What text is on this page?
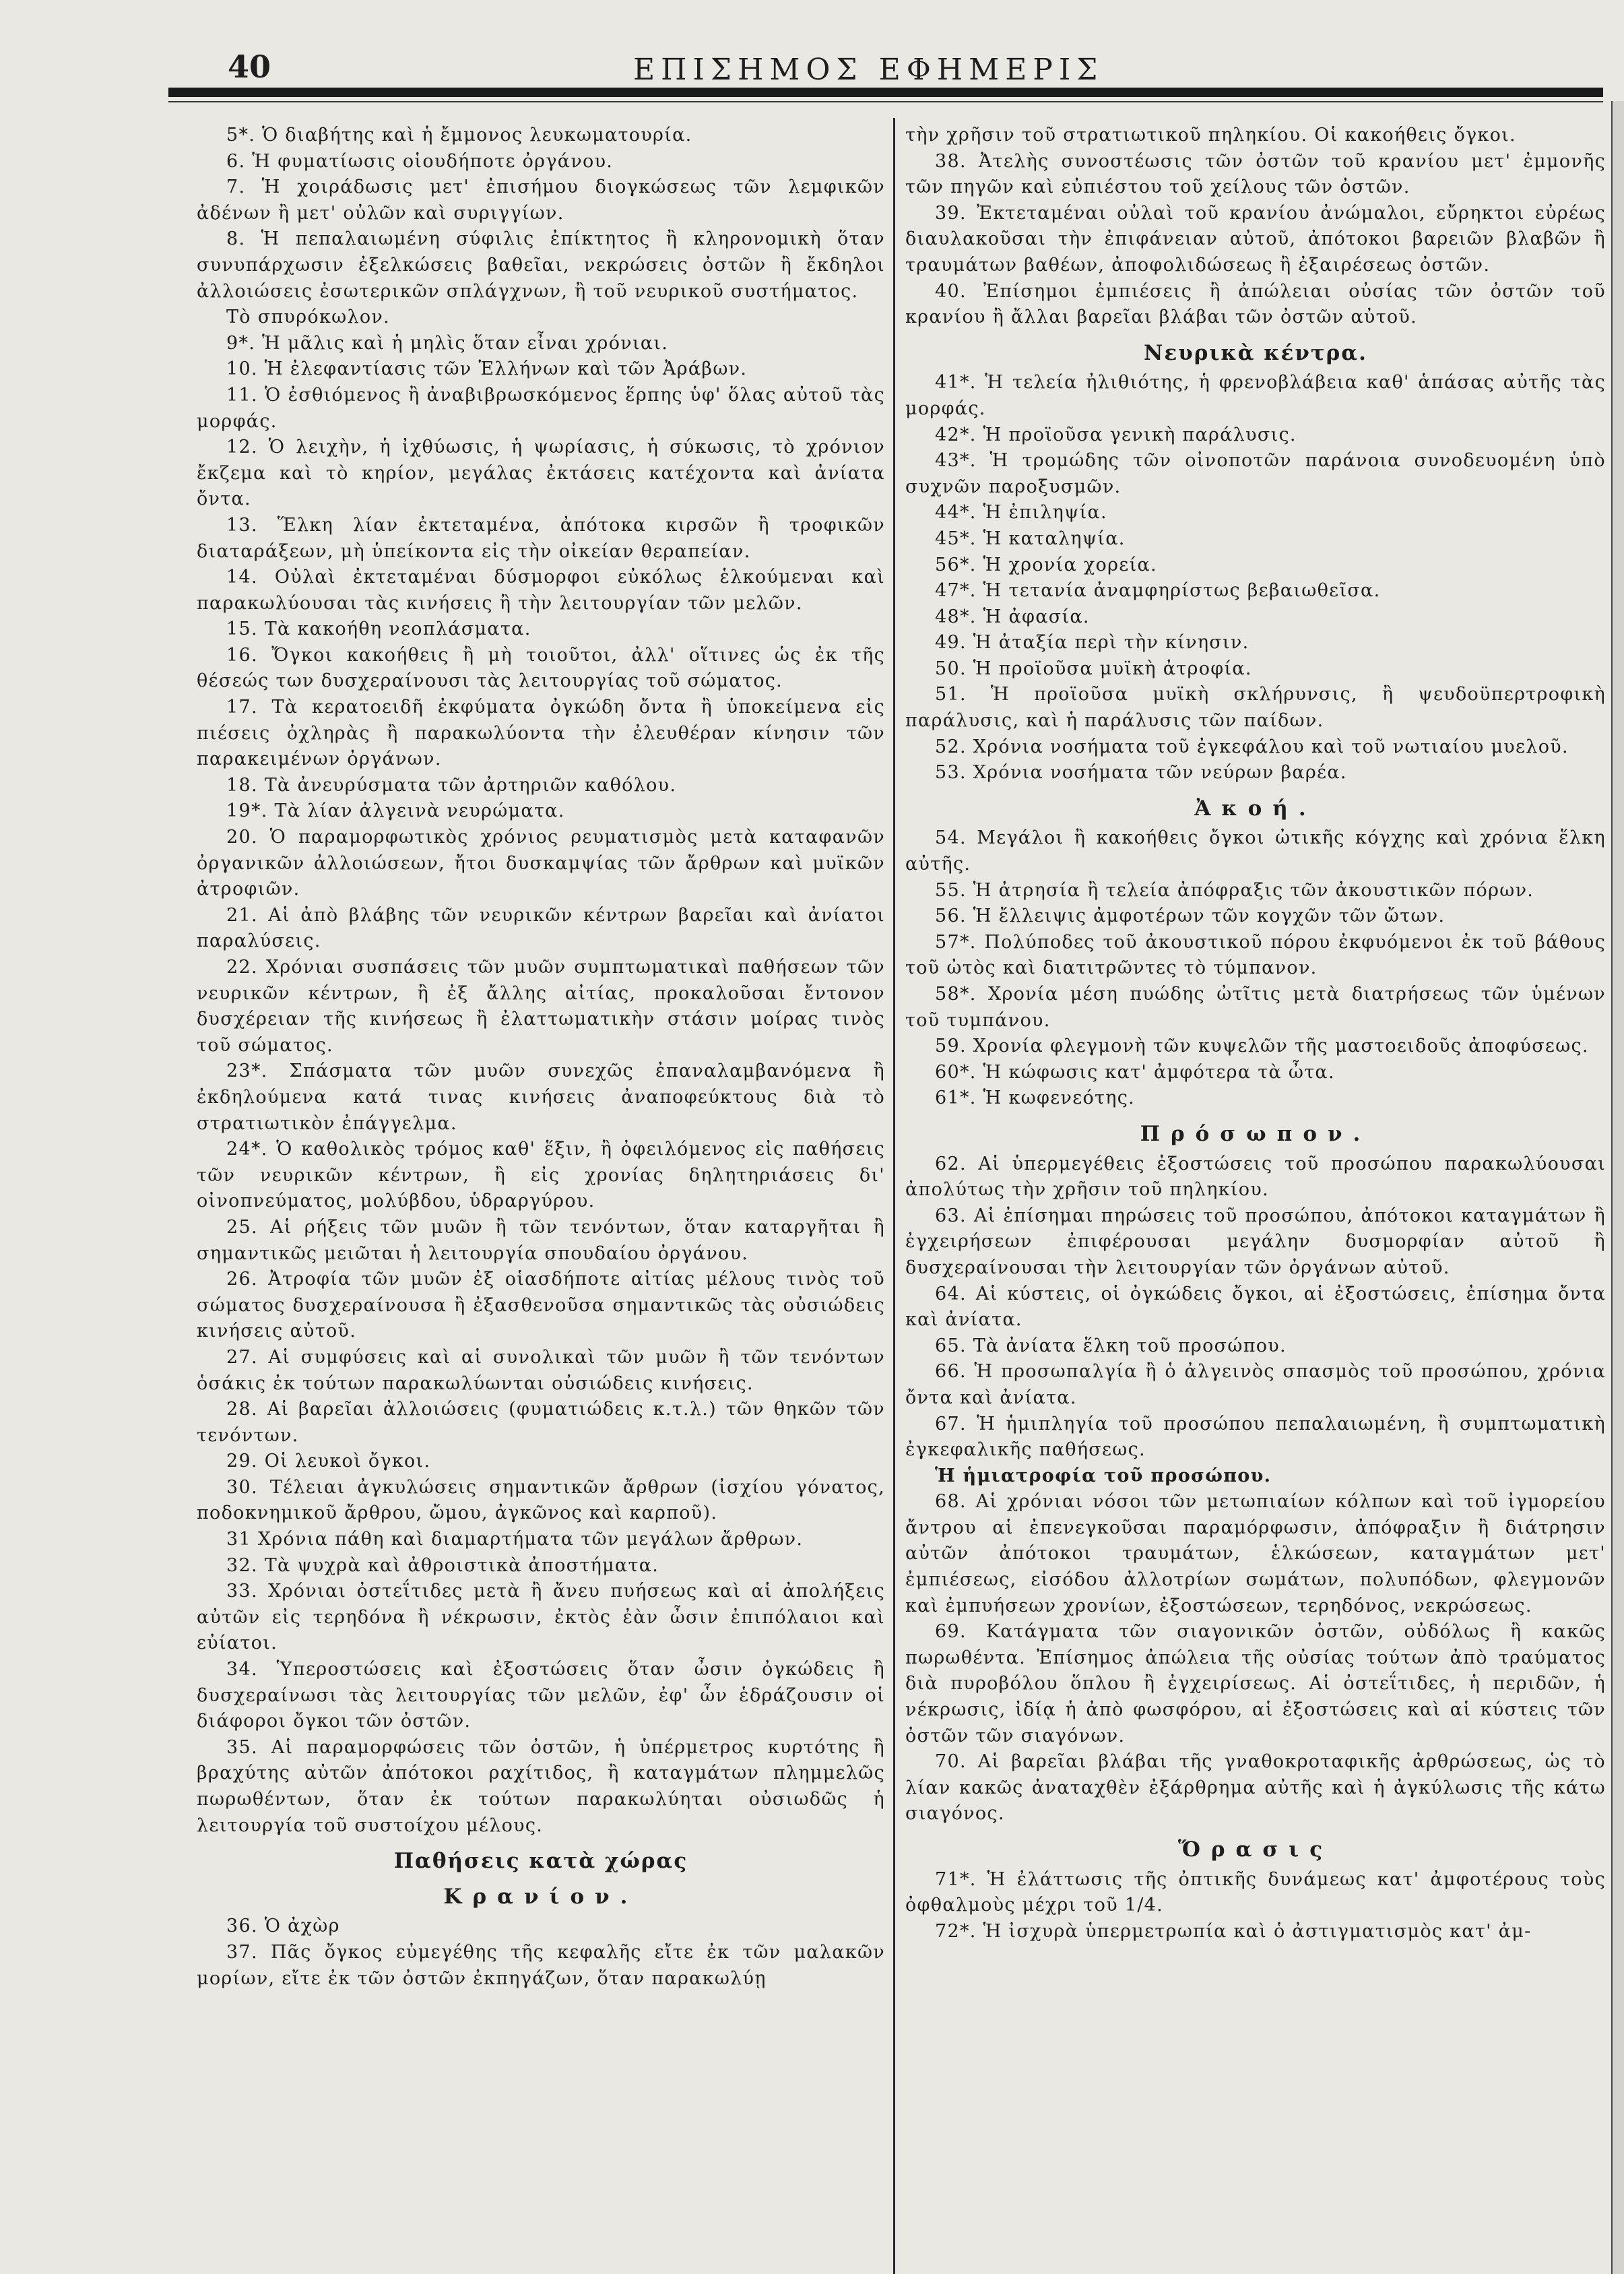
40	ΕΠΙΣΗΜΟΣ ΕΦΗΜΕΡΙΣ

5*. Ὁ διαβήτης καὶ ἡ ἔμμονος λευκωματουρία.

6. Ἡ φυματίωσις οἱουδήποτε ὀργάνου.

7. Ἡ χοιράδωσις μετ' ἐπισήμου διογκώσεως τῶν λεμφικῶν ἀδένων ἢ μετ' οὐλῶν καὶ συριγγίων.

8. Ἡ πεπαλαιωμένη σύφιλις ἐπίκτητος ἢ κληρονομικὴ ὅταν συνυπάρχωσιν ἐξελκώσεις βαθεῖαι, νεκρώσεις ὀστῶν ἢ ἔκδηλοι ἀλλοιώσεις ἐσωτερικῶν σπλάγχνων, ἢ τοῦ νευρικοῦ συστήματος.

Τὸ σπυρόκωλον.

9*. Ἡ μᾶλις καὶ ἡ μηλὶς ὅταν εἶναι χρόνιαι.

10. Ἡ ἐλεφαντίασις τῶν Ἑλλήνων καὶ τῶν Ἀράβων.

11. Ὁ ἐσθιόμενος ἢ ἀναβιβρωσκόμενος ἕρπης ὑφ' ὅλας αὐτοῦ τὰς μορφάς.

12. Ὁ λειχὴν, ἡ ἰχθύωσις, ἡ ψωρίασις, ἡ σύκωσις, τὸ χρόνιον ἔκζεμα καὶ τὸ κηρίον, μεγάλας ἐκτάσεις κατέχοντα καὶ ἀνίατα ὄντα.

13. Ἕλκη λίαν ἐκτεταμένα, ἀπότοκα κιρσῶν ἢ τροφικῶν διαταράξεων, μὴ ὑπείκοντα εἰς τὴν οἰκείαν θεραπείαν.

14. Οὐλαὶ ἐκτεταμέναι δύσμορφοι εὐκόλως ἑλκούμεναι καὶ παρακωλύουσαι τὰς κινήσεις ἢ τὴν λειτουργίαν τῶν μελῶν.

15. Τὰ κακοήθη νεοπλάσματα.

16. Ὄγκοι κακοήθεις ἢ μὴ τοιοῦτοι, ἀλλ' οἵτινες ὡς ἐκ τῆς θέσεώς των δυσχεραίνουσι τὰς λειτουργίας τοῦ σώματος.

17. Τὰ κερατοειδῆ ἐκφύματα ὀγκώδη ὄντα ἢ ὑποκείμενα εἰς πιέσεις ὀχληρὰς ἢ παρακωλύοντα τὴν ἐλευθέραν κίνησιν τῶν παρακειμένων ὀργάνων.

18. Τὰ ἀνευρύσματα τῶν ἀρτηριῶν καθόλου.

19*. Τὰ λίαν ἀλγεινὰ νευρώματα.

20. Ὁ παραμορφωτικὸς χρόνιος ρευματισμὸς μετὰ καταφανῶν ὀργανικῶν ἀλλοιώσεων, ἤτοι δυσκαμψίας τῶν ἄρθρων καὶ μυϊκῶν ἀτροφιῶν.

21. Αἱ ἀπὸ βλάβης τῶν νευρικῶν κέντρων βαρεῖαι καὶ ἀνίατοι παραλύσεις.

22. Χρόνιαι συσπάσεις τῶν μυῶν συμπτωματικαὶ παθήσεων τῶν νευρικῶν κέντρων, ἢ ἐξ ἄλλης αἰτίας, προκαλοῦσαι ἔντονον δυσχέρειαν τῆς κινήσεως ἢ ἐλαττωματικὴν στάσιν μοίρας τινὸς τοῦ σώματος.

23*. Σπάσματα τῶν μυῶν συνεχῶς ἐπαναλαμβανόμενα ἢ ἐκδηλούμενα κατά τινας κινήσεις ἀναποφεύκτους διὰ τὸ στρατιωτικὸν ἐπάγγελμα.

24*. Ὁ καθολικὸς τρόμος καθ' ἕξιν, ἢ ὀφειλόμενος εἰς παθήσεις τῶν νευρικῶν κέντρων, ἢ εἰς χρονίας δηλητηριάσεις δι' οἰνοπνεύματος, μολύβδου, ὑδραργύρου.

25. Αἱ ρήξεις τῶν μυῶν ἢ τῶν τενόντων, ὅταν καταργῆται ἢ σημαντικῶς μειῶται ἡ λειτουργία σπουδαίου ὀργάνου.

26. Ἀτροφία τῶν μυῶν ἐξ οἱασδήποτε αἰτίας μέλους τινὸς τοῦ σώματος δυσχεραίνουσα ἢ ἐξασθενοῦσα σημαντικῶς τὰς οὐσιώδεις κινήσεις αὐτοῦ.

27. Αἱ συμφύσεις καὶ αἱ συνολικαὶ τῶν μυῶν ἢ τῶν τενόντων ὁσάκις ἐκ τούτων παρακωλύωνται οὐσιώδεις κινήσεις.

28. Αἱ βαρεῖαι ἀλλοιώσεις (φυματιώδεις κ.τ.λ.) τῶν θηκῶν τῶν τενόντων.

29. Οἱ λευκοὶ ὄγκοι.

30. Τέλειαι ἀγκυλώσεις σημαντικῶν ἄρθρων (ἰσχίου γόνατος, ποδοκνημικοῦ ἄρθρου, ὤμου, ἀγκῶνος καὶ καρποῦ).

31 Χρόνια πάθη καὶ διαμαρτήματα τῶν μεγάλων ἄρθρων.

32. Τὰ ψυχρὰ καὶ ἀθροιστικὰ ἀποστήματα.

33. Χρόνιαι ὀστεΐτιδες μετὰ ἢ ἄνευ πυήσεως καὶ αἱ ἀπολήξεις αὐτῶν εἰς τερηδόνα ἢ νέκρωσιν, ἐκτὸς ἐὰν ὦσιν ἐπιπόλαιοι καὶ εὐίατοι.

34. Ὑπεροστώσεις καὶ ἐξοστώσεις ὅταν ὦσιν ὀγκώδεις ἢ δυσχεραίνωσι τὰς λειτουργίας τῶν μελῶν, ἐφ' ὧν ἑδράζουσιν οἱ διάφοροι ὄγκοι τῶν ὀστῶν.

35. Αἱ παραμορφώσεις τῶν ὀστῶν, ἡ ὑπέρμετρος κυρτότης ἢ βραχύτης αὐτῶν ἀπότοκοι ραχίτιδος, ἢ καταγμάτων πλημμελῶς πωρωθέντων, ὅταν ἐκ τούτων παρακωλύηται οὐσιωδῶς ἡ λειτουργία τοῦ συστοίχου μέλους.

Παθήσεις κατὰ χώρας
Κρανίον.

36. Ὁ ἀχὼρ

37. Πᾶς ὄγκος εὐμεγέθης τῆς κεφαλῆς εἴτε ἐκ τῶν μαλακῶν μορίων, εἴτε ἐκ τῶν ὀστῶν ἐκπηγάζων, ὅταν παρακωλύῃ

τὴν χρῆσιν τοῦ στρατιωτικοῦ πηληκίου. Οἱ κακοήθεις ὄγκοι.

38. Ἀτελὴς συνοστέωσις τῶν ὀστῶν τοῦ κρανίου μετ' ἐμμονῆς τῶν πηγῶν καὶ εὐπιέστου τοῦ χείλους τῶν ὀστῶν.

39. Ἐκτεταμέναι οὐλαὶ τοῦ κρανίου ἀνώμαλοι, εὔρηκτοι εὐρέως διαυλακοῦσαι τὴν ἐπιφάνειαν αὐτοῦ, ἀπότοκοι βαρειῶν βλαβῶν ἢ τραυμάτων βαθέων, ἀποφολιδώσεως ἢ ἐξαιρέσεως ὀστῶν.

40. Ἐπίσημοι ἐμπιέσεις ἢ ἀπώλειαι οὐσίας τῶν ὀστῶν τοῦ κρανίου ἢ ἄλλαι βαρεῖαι βλάβαι τῶν ὀστῶν αὐτοῦ.

Νευρικὰ κέντρα.

41*. Ἡ τελεία ἠλιθιότης, ἡ φρενοβλάβεια καθ' ἁπάσας αὐτῆς τὰς μορφάς.

42*. Ἡ προϊοῦσα γενικὴ παράλυσις.

43*. Ἡ τρομώδης τῶν οἰνοποτῶν παράνοια συνοδευομένη ὑπὸ συχνῶν παροξυσμῶν.

44*. Ἡ ἐπιληψία.

45*. Ἡ καταληψία.

56*. Ἡ χρονία χορεία.

47*. Ἡ τετανία ἀναμφηρίστως βεβαιωθεῖσα.

48*. Ἡ ἀφασία.

49. Ἡ ἀταξία περὶ τὴν κίνησιν.

50. Ἡ προϊοῦσα μυϊκὴ ἀτροφία.

51. Ἡ προϊοῦσα μυϊκὴ σκλήρυνσις, ἢ ψευδοϋπερτροφικὴ παράλυσις, καὶ ἡ παράλυσις τῶν παίδων.

52. Χρόνια νοσήματα τοῦ ἐγκεφάλου καὶ τοῦ νωτιαίου μυελοῦ.

53. Χρόνια νοσήματα τῶν νεύρων βαρέα.

Ἀκοή.

54. Μεγάλοι ἢ κακοήθεις ὄγκοι ὠτικῆς κόγχης καὶ χρόνια ἕλκη αὐτῆς.

55. Ἡ ἀτρησία ἢ τελεία ἀπόφραξις τῶν ἀκουστικῶν πόρων.

56. Ἡ ἔλλειψις ἀμφοτέρων τῶν κογχῶν τῶν ὤτων.

57*. Πολύποδες τοῦ ἀκουστικοῦ πόρου ἐκφυόμενοι ἐκ τοῦ βάθους τοῦ ὠτὸς καὶ διατιτρῶντες τὸ τύμπανον.

58*. Χρονία μέση πυώδης ὠτῖτις μετὰ διατρήσεως τῶν ὑμένων τοῦ τυμπάνου.

59. Χρονία φλεγμονὴ τῶν κυψελῶν τῆς μαστοειδοῦς ἀποφύσεως.

60*. Ἡ κώφωσις κατ' ἀμφότερα τὰ ὦτα.

61*. Ἡ κωφενεότης.

Πρόσωπον.

62. Αἱ ὑπερμεγέθεις ἐξοστώσεις τοῦ προσώπου παρακωλύουσαι ἀπολύτως τὴν χρῆσιν τοῦ πηληκίου.

63. Αἱ ἐπίσημαι πηρώσεις τοῦ προσώπου, ἀπότοκοι καταγμάτων ἢ ἐγχειρήσεων ἐπιφέρουσαι μεγάλην δυσμορφίαν αὐτοῦ ἢ δυσχεραίνουσαι τὴν λειτουργίαν τῶν ὀργάνων αὐτοῦ.

64. Αἱ κύστεις, οἱ ὀγκώδεις ὄγκοι, αἱ ἐξοστώσεις, ἐπίσημα ὄντα καὶ ἀνίατα.

65. Τὰ ἀνίατα ἕλκη τοῦ προσώπου.

66. Ἡ προσωπαλγία ἢ ὁ ἀλγεινὸς σπασμὸς τοῦ προσώπου, χρόνια ὄντα καὶ ἀνίατα.

67. Ἡ ἡμιπληγία τοῦ προσώπου πεπαλαιωμένη, ἢ συμπτωματικὴ ἐγκεφαλικῆς παθήσεως.

Ἡ ἡμιατροφία τοῦ προσώπου.

68. Αἱ χρόνιαι νόσοι τῶν μετωπιαίων κόλπων καὶ τοῦ ἰγμορείου ἄντρου αἱ ἐπενεγκοῦσαι παραμόρφωσιν, ἀπόφραξιν ἢ διάτρησιν αὐτῶν ἀπότοκοι τραυμάτων, ἑλκώσεων, καταγμάτων μετ' ἐμπιέσεως, εἰσόδου ἀλλοτρίων σωμάτων, πολυπόδων, φλεγμονῶν καὶ ἐμπυήσεων χρονίων, ἐξοστώσεων, τερηδόνος, νεκρώσεως.

69. Κατάγματα τῶν σιαγονικῶν ὀστῶν, οὐδόλως ἢ κακῶς πωρωθέντα. Ἐπίσημος ἀπώλεια τῆς οὐσίας τούτων ἀπὸ τραύματος διὰ πυροβόλου ὅπλου ἢ ἐγχειρίσεως. Αἱ ὀστεΐτιδες, ἡ περιδῶν, ἡ νέκρωσις, ἰδίᾳ ἡ ἀπὸ φωσφόρου, αἱ ἐξοστώσεις καὶ αἱ κύστεις τῶν ὀστῶν τῶν σιαγόνων.

70. Αἱ βαρεῖαι βλάβαι τῆς γναθοκροταφικῆς ἀρθρώσεως, ὡς τὸ λίαν κακῶς ἀναταχθὲν ἐξάρθρημα αὐτῆς καὶ ἡ ἀγκύλωσις τῆς κάτω σιαγόνος.

Ὅρασις

71*. Ἡ ἐλάττωσις τῆς ὀπτικῆς δυνάμεως κατ' ἀμφοτέρους τοὺς ὀφθαλμοὺς μέχρι τοῦ 1/4.

72*. Ἡ ἰσχυρὰ ὑπερμετρωπία καὶ ὁ ἀστιγματισμὸς κατ' ἀμ-
